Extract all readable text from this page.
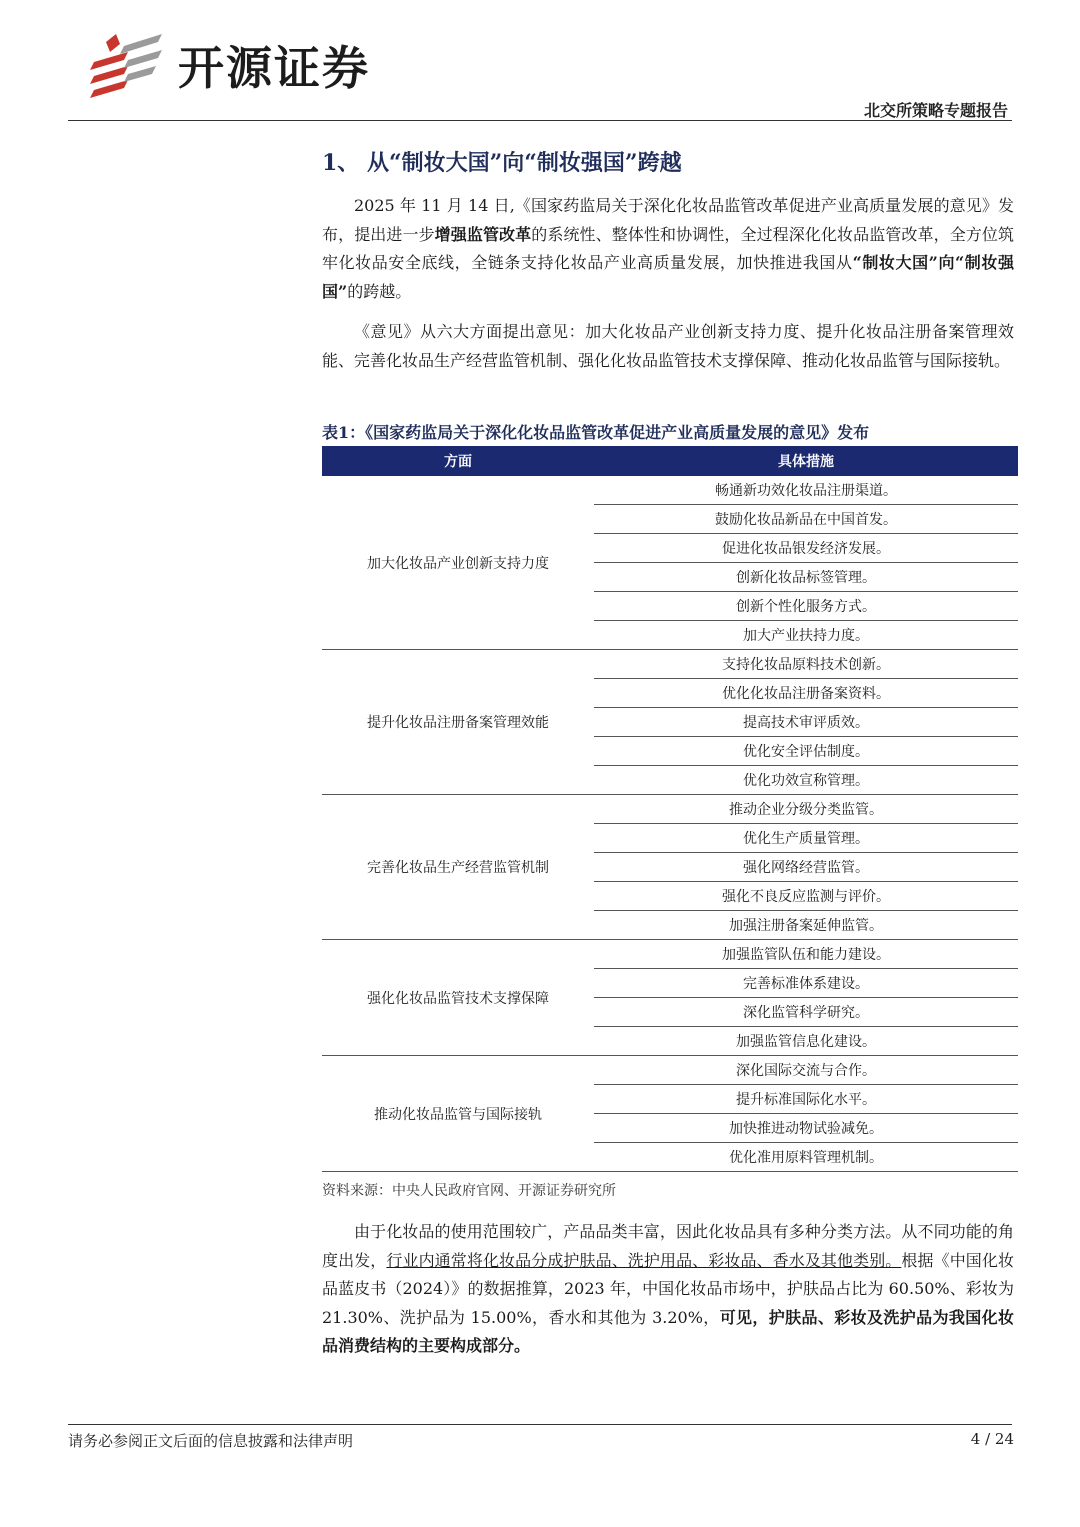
开源证券
北交所策略专题报告
1、 从“制妆大国”向“制妆强国”跨越

2025 年 11 月 14 日,《国家药监局关于深化化妆品监管改革促进产业高质量发展的意见》发布，提出进一步增强监管改革的系统性、整体性和协调性，全过程深化化妆品监管改革，全方位筑牢化妆品安全底线，全链条支持化妆品产业高质量发展，加快推进我国从“制妆大国”向“制妆强国”的跨越。

《意见》从六大方面提出意见：加大化妆品产业创新支持力度、提升化妆品注册备案管理效能、完善化妆品生产经营监管机制、强化化妆品监管技术支撑保障、推动化妆品监管与国际接轨。

表1：《国家药监局关于深化化妆品监管改革促进产业高质量发展的意见》发布
方面	具体措施
加大化妆品产业创新支持力度	畅通新功效化妆品注册渠道。
	鼓励化妆品新品在中国首发。
	促进化妆品银发经济发展。
	创新化妆品标签管理。
	创新个性化服务方式。
	加大产业扶持力度。
提升化妆品注册备案管理效能	支持化妆品原料技术创新。
	优化化妆品注册备案资料。
	提高技术审评质效。
	优化安全评估制度。
	优化功效宣称管理。
完善化妆品生产经营监管机制	推动企业分级分类监管。
	优化生产质量管理。
	强化网络经营监管。
	强化不良反应监测与评价。
	加强注册备案延伸监管。
强化化妆品监管技术支撑保障	加强监管队伍和能力建设。
	完善标准体系建设。
	深化监管科学研究。
	加强监管信息化建设。
推动化妆品监管与国际接轨	深化国际交流与合作。
	提升标准国际化水平。
	加快推进动物试验减免。
	优化准用原料管理机制。
资料来源：中央人民政府官网、开源证券研究所

由于化妆品的使用范围较广，产品品类丰富，因此化妆品具有多种分类方法。从不同功能的角度出发，行业内通常将化妆品分成护肤品、洗护用品、彩妆品、香水及其他类别。根据《中国化妆品蓝皮书（2024）》的数据推算，2023 年，中国化妆品市场中，护肤品占比为 60.50%、彩妆为 21.30%、洗护品为 15.00%，香水和其他为 3.20%，可见，护肤品、彩妆及洗护品为我国化妆品消费结构的主要构成部分。

请务必参阅正文后面的信息披露和法律声明	4 / 24
